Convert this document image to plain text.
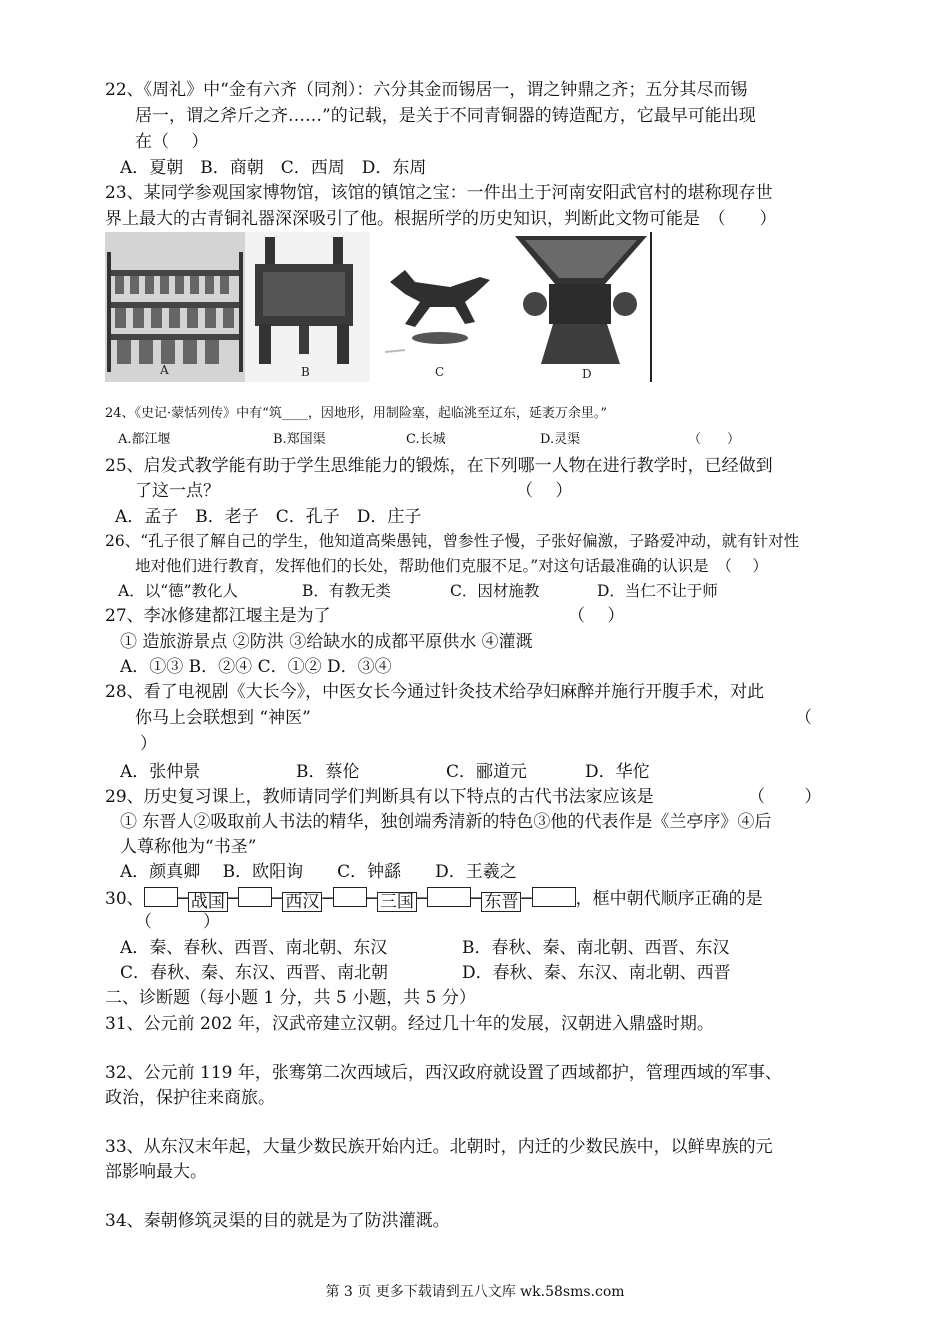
22、《周礼》中“金有六齐（同剂）：六分其金而锡居一，谓之钟鼎之齐；五分其尽而锡
居一，谓之斧斤之齐……”的记载，是关于不同青铜器的铸造配方，它最早可能出现
在（　 ）
A．夏朝　B．商朝　C．西周　D．东周
23、某同学参观国家博物馆，该馆的镇馆之宝：一件出土于河南安阳武官村的堪称现存世
界上最大的古青铜礼器深深吸引了他。根据所学的历史知识，判断此文物可能是　（　　）
A	B	C	D
24、《史记·蒙恬列传》中有“筑____，因地形，用制险塞，起临洮至辽东，延袤万余里。”
A.都江堰	B.郑国渠	C.长城	D.灵渠	（　　）
25、启发式教学能有助于学生思维能力的锻炼，在下列哪一人物在进行教学时，已经做到
了这一点？	（　 ）
A．孟子　B．老子　C．孔子　D．庄子
26、“孔子很了解自己的学生，他知道高柴愚钝，曾参性子慢，子张好偏激，子路爱冲动，就有针对性
地对他们进行教育，发挥他们的长处，帮助他们克服不足。”对这句话最准确的认识是　（　 ）
A．以“德”教化人	B．有教无类	C．因材施教	D．当仁不让于师
27、李冰修建都江堰主是为了	（　 ）
① 造旅游景点 ②防洪 ③给缺水的成都平原供水 ④灌溉
A．①③ B．②④ C．①② D．③④
28、看了电视剧《大长今》，中医女长今通过针灸技术给孕妇麻醉并施行开腹手术，对此
你马上会联想到 “神医”	（
）
A．张仲景	B．蔡伦	C．郦道元	D．华佗
29、历史复习课上，教师请同学们判断具有以下特点的古代书法家应该是	（　　 ）
① 东晋人②吸取前人书法的精华，独创端秀清新的特色③他的代表作是《兰亭序》④后
人尊称他为“书圣”
A．颜真卿　 B．欧阳询　　C．钟繇　　D．王羲之
30、 ─ 战国 ─ ─ 西汉 ─ ─ 三国 ─	─ 东晋 ─	，框中朝代顺序正确的是
（　　　）
A．秦、春秋、西晋、南北朝、东汉	B．春秋、秦、南北朝、西晋、东汉
C．春秋、秦、东汉、西晋、南北朝	D．春秋、秦、东汉、南北朝、西晋
二、诊断题（每小题 1 分，共 5 小题，共 5 分）
31、公元前 202 年，汉武帝建立汉朝。经过几十年的发展，汉朝进入鼎盛时期。
32、公元前 119 年，张骞第二次西域后，西汉政府就设置了西域都护，管理西域的军事、
政治，保护往来商旅。
33、从东汉末年起，大量少数民族开始内迁。北朝时，内迁的少数民族中，以鲜卑族的元
部影响最大。
34、秦朝修筑灵渠的目的就是为了防洪灌溉。
第 3 页 更多下载请到五八文库 wk.58sms.com
